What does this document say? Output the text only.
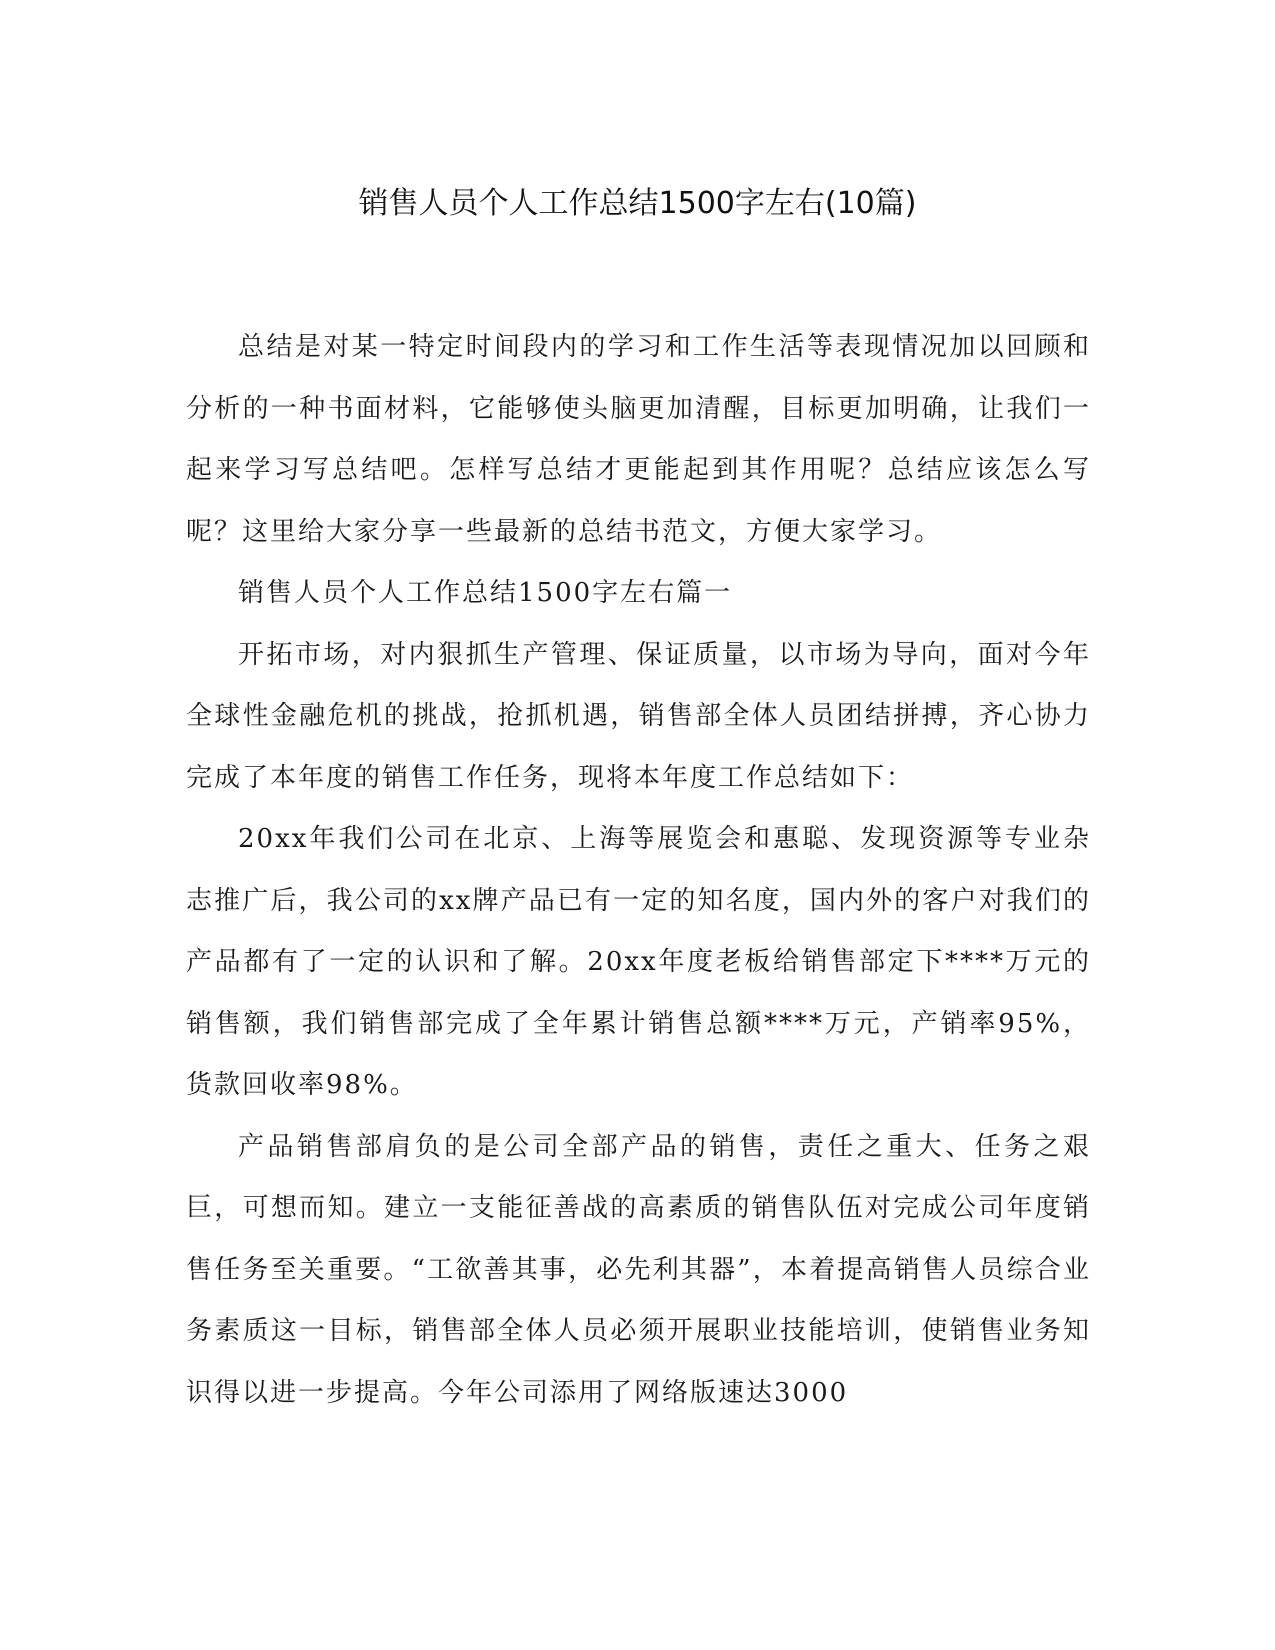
销售人员个人工作总结1500字左右(10篇)

总结是对某一特定时间段内的学习和工作生活等表现情况加以回顾和分析的一种书面材料，它能够使头脑更加清醒，目标更加明确，让我们一起来学习写总结吧。怎样写总结才更能起到其作用呢？总结应该怎么写呢？这里给大家分享一些最新的总结书范文，方便大家学习。

销售人员个人工作总结1500字左右篇一

开拓市场，对内狠抓生产管理、保证质量，以市场为导向，面对今年全球性金融危机的挑战，抢抓机遇，销售部全体人员团结拼搏，齐心协力完成了本年度的销售工作任务，现将本年度工作总结如下：

20xx年我们公司在北京、上海等展览会和惠聪、发现资源等专业杂志推广后，我公司的xx牌产品已有一定的知名度，国内外的客户对我们的产品都有了一定的认识和了解。20xx年度老板给销售部定下****万元的销售额，我们销售部完成了全年累计销售总额****万元，产销率95%，货款回收率98%。

产品销售部肩负的是公司全部产品的销售，责任之重大、任务之艰巨，可想而知。建立一支能征善战的高素质的销售队伍对完成公司年度销售任务至关重要。“工欲善其事，必先利其器”，本着提高销售人员综合业务素质这一目标，销售部全体人员必须开展职业技能培训，使销售业务知识得以进一步提高。今年公司添用了网络版速达3000
